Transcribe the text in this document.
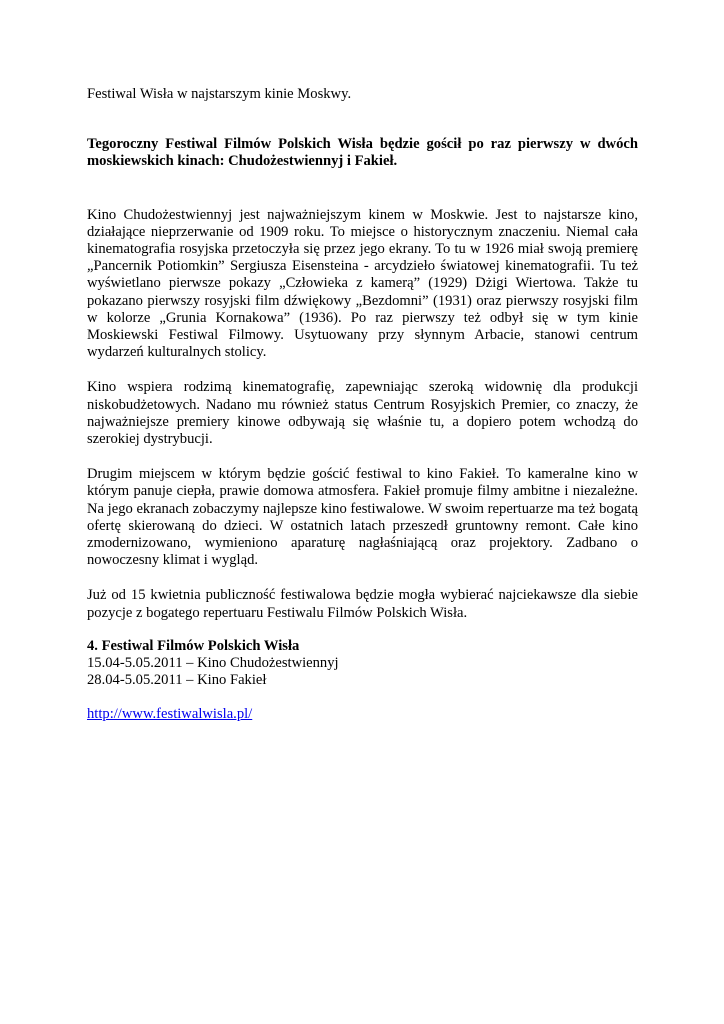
Festiwal Wisła w najstarszym kinie Moskwy.

Tegoroczny Festiwal Filmów Polskich Wisła będzie gościł po raz pierwszy w dwóch moskiewskich kinach: Chudożestwiennyj i Fakieł.

Kino Chudożestwiennyj jest najważniejszym kinem w Moskwie. Jest to najstarsze kino, działające nieprzerwanie od 1909 roku. To miejsce o historycznym znaczeniu. Niemal cała kinematografia rosyjska przetoczyła się przez jego ekrany. To tu w 1926 miał swoją premierę „Pancernik Potiomkin” Sergiusza Eisensteina - arcydzieło światowej kinematografii. Tu też wyświetlano pierwsze pokazy „Człowieka z kamerą” (1929) Dżigi Wiertowa. Także tu pokazano pierwszy rosyjski film dźwiękowy „Bezdomni” (1931) oraz pierwszy rosyjski film w kolorze „Grunia Kornakowa” (1936). Po raz pierwszy też odbył się w tym kinie Moskiewski Festiwal Filmowy. Usytuowany przy słynnym Arbacie, stanowi centrum wydarzeń kulturalnych stolicy.

Kino wspiera rodzimą kinematografię, zapewniając szeroką widownię dla produkcji niskobudżetowych. Nadano mu również status Centrum Rosyjskich Premier, co znaczy, że najważniejsze premiery kinowe odbywają się właśnie tu, a dopiero potem wchodzą do szerokiej dystrybucji.

Drugim miejscem w którym będzie gościć festiwal to kino Fakieł. To kameralne kino w którym panuje ciepła, prawie domowa atmosfera. Fakieł promuje filmy ambitne i niezależne. Na jego ekranach zobaczymy najlepsze kino festiwalowe. W swoim repertuarze ma też bogatą ofertę skierowaną do dzieci. W ostatnich latach przeszedł gruntowny remont. Całe kino zmodernizowano, wymieniono aparaturę nagłaśniającą oraz projektory. Zadbano o nowoczesny klimat i wygląd.

Już od 15 kwietnia publiczność festiwalowa będzie mogła wybierać najciekawsze dla siebie pozycje z bogatego repertuaru Festiwalu Filmów Polskich Wisła.

4. Festiwal Filmów Polskich Wisła
15.04-5.05.2011 – Kino Chudożestwiennyj
28.04-5.05.2011 – Kino Fakieł
http://www.festiwalwisla.pl/
